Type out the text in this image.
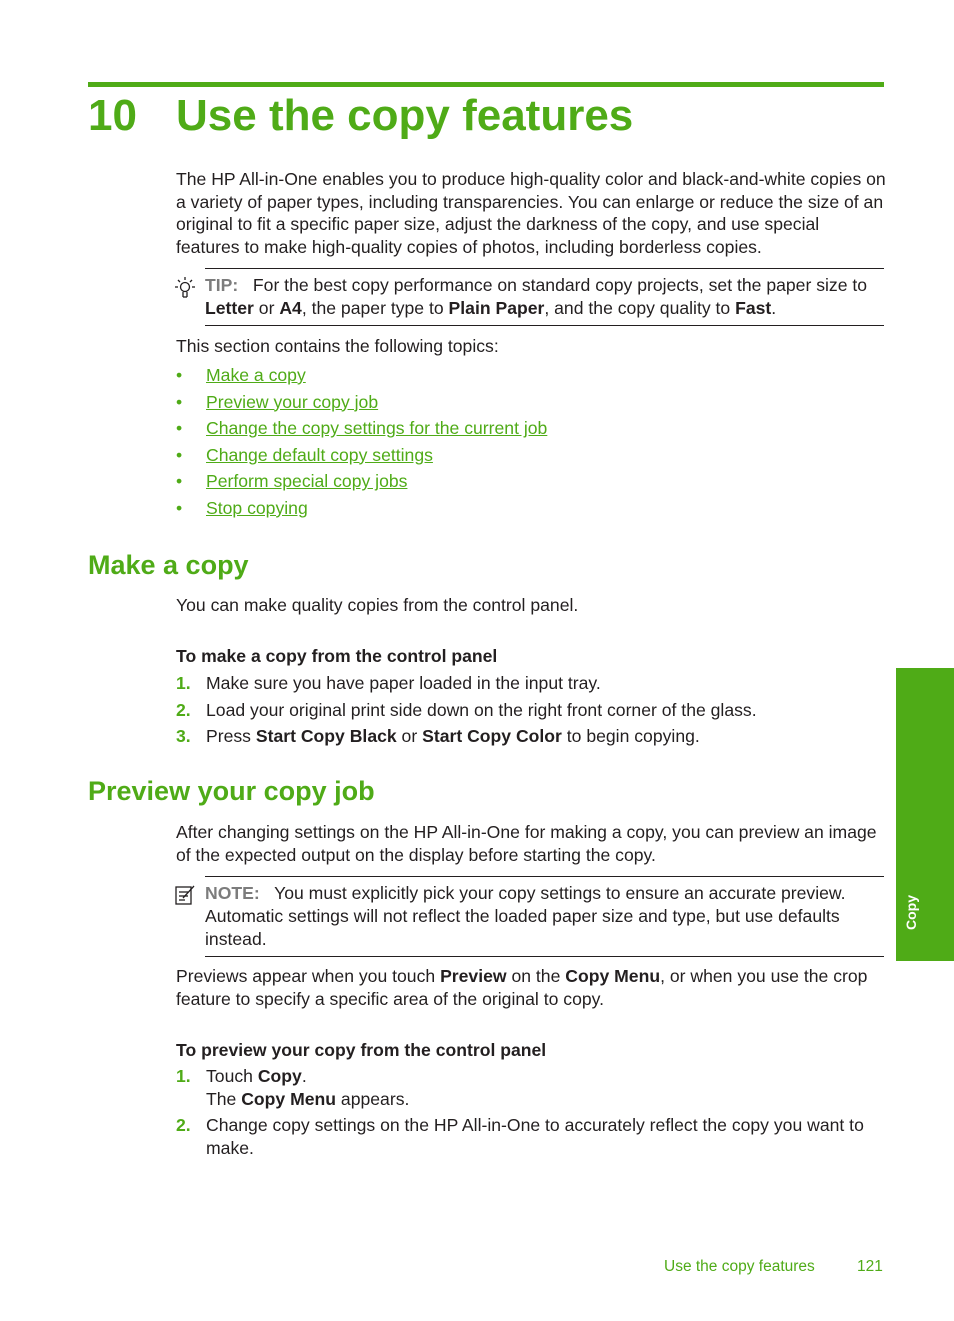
10 Use the copy features

The HP All-in-One enables you to produce high-quality color and black-and-white copies on a variety of paper types, including transparencies. You can enlarge or reduce the size of an original to fit a specific paper size, adjust the darkness of the copy, and use special features to make high-quality copies of photos, including borderless copies.

TIP: For the best copy performance on standard copy projects, set the paper size to Letter or A4, the paper type to Plain Paper, and the copy quality to Fast.

This section contains the following topics:

• Make a copy
• Preview your copy job
• Change the copy settings for the current job
• Change default copy settings
• Perform special copy jobs
• Stop copying
Make a copy

You can make quality copies from the control panel.

To make a copy from the control panel

1. Make sure you have paper loaded in the input tray.
2. Load your original print side down on the right front corner of the glass.
3. Press Start Copy Black or Start Copy Color to begin copying.
Preview your copy job

After changing settings on the HP All-in-One for making a copy, you can preview an image of the expected output on the display before starting the copy.

NOTE: You must explicitly pick your copy settings to ensure an accurate preview. Automatic settings will not reflect the loaded paper size and type, but use defaults instead.

Previews appear when you touch Preview on the Copy Menu, or when you use the crop feature to specify a specific area of the original to copy.

To preview your copy from the control panel

1. Touch Copy.
The Copy Menu appears.
2. Change copy settings on the HP All-in-One to accurately reflect the copy you want to make.
Copy
Use the copy features	121
